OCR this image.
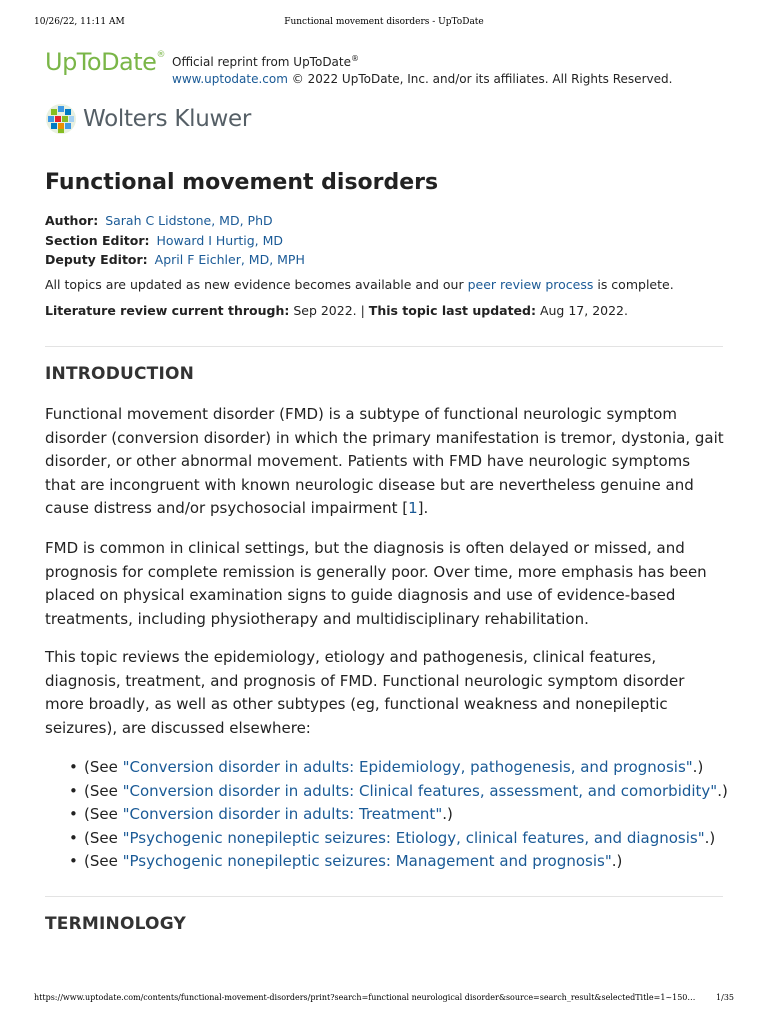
10/26/22, 11:11 AM	Functional movement disorders - UpToDate
UpToDate® Official reprint from UpToDate®
www.uptodate.com © 2022 UpToDate, Inc. and/or its affiliates. All Rights Reserved.
Wolters Kluwer
Functional movement disorders
Author: Sarah C Lidstone, MD, PhD
Section Editor: Howard I Hurtig, MD
Deputy Editor: April F Eichler, MD, MPH
All topics are updated as new evidence becomes available and our peer review process is complete.
Literature review current through: Sep 2022. | This topic last updated: Aug 17, 2022.
INTRODUCTION

Functional movement disorder (FMD) is a subtype of functional neurologic symptom disorder (conversion disorder) in which the primary manifestation is tremor, dystonia, gait disorder, or other abnormal movement. Patients with FMD have neurologic symptoms that are incongruent with known neurologic disease but are nevertheless genuine and cause distress and/or psychosocial impairment [1].

FMD is common in clinical settings, but the diagnosis is often delayed or missed, and prognosis for complete remission is generally poor. Over time, more emphasis has been placed on physical examination signs to guide diagnosis and use of evidence-based treatments, including physiotherapy and multidisciplinary rehabilitation.

This topic reviews the epidemiology, etiology and pathogenesis, clinical features, diagnosis, treatment, and prognosis of FMD. Functional neurologic symptom disorder more broadly, as well as other subtypes (eg, functional weakness and nonepileptic seizures), are discussed elsewhere:

• (See "Conversion disorder in adults: Epidemiology, pathogenesis, and prognosis".)
• (See "Conversion disorder in adults: Clinical features, assessment, and comorbidity".)
• (See "Conversion disorder in adults: Treatment".)
• (See "Psychogenic nonepileptic seizures: Etiology, clinical features, and diagnosis".)
• (See "Psychogenic nonepileptic seizures: Management and prognosis".)
TERMINOLOGY
https://www.uptodate.com/contents/functional-movement-disorders/print?search=functional neurological disorder&source=search_result&selectedTitle=1~150…	1/35
